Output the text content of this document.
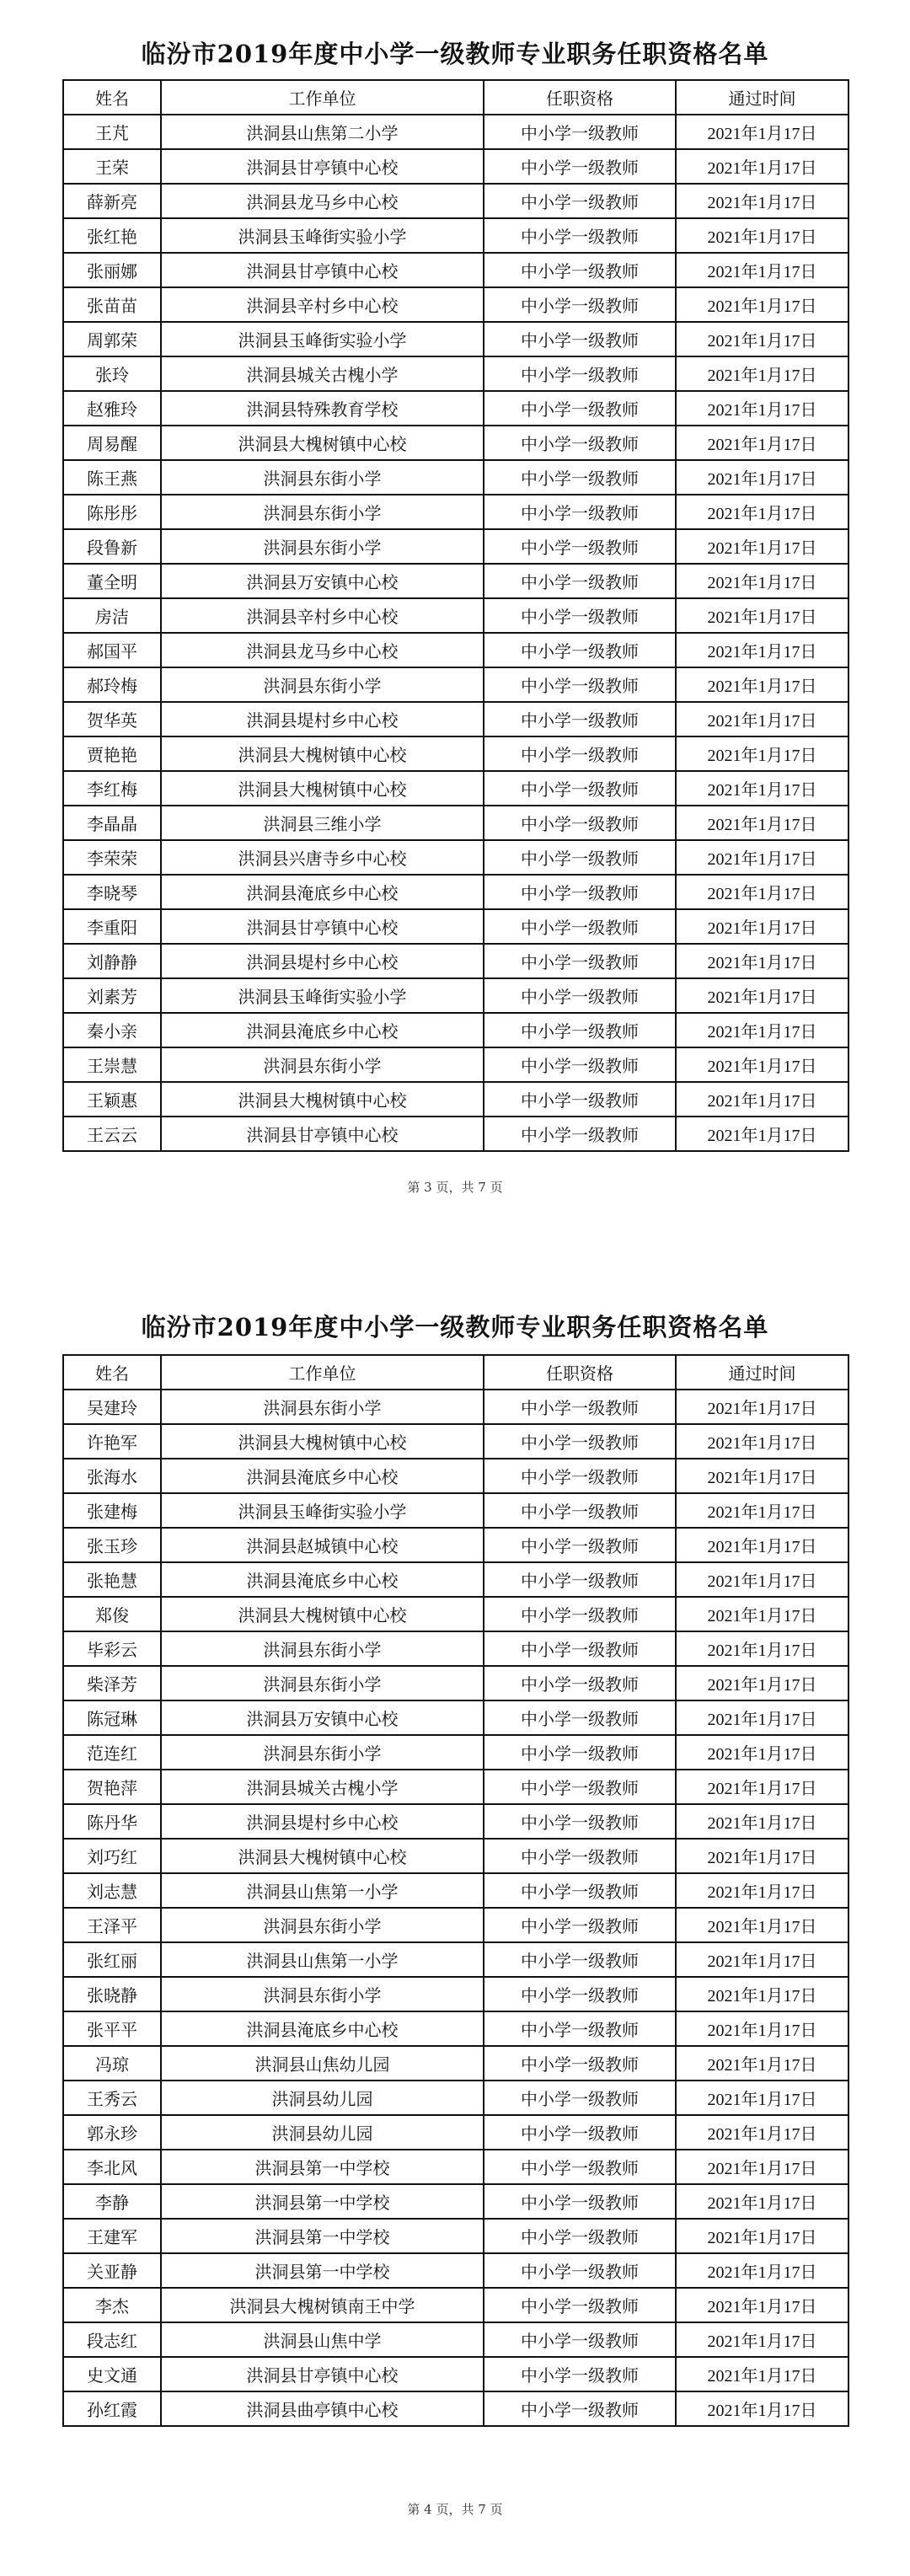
临汾市2019年度中小学一级教师专业职务任职资格名单
姓名	工作单位	任职资格	通过时间
王芃	洪洞县山焦第二小学	中小学一级教师	2021年1月17日
王荣	洪洞县甘亭镇中心校	中小学一级教师	2021年1月17日
薛新亮	洪洞县龙马乡中心校	中小学一级教师	2021年1月17日
张红艳	洪洞县玉峰街实验小学	中小学一级教师	2021年1月17日
张丽娜	洪洞县甘亭镇中心校	中小学一级教师	2021年1月17日
张苗苗	洪洞县辛村乡中心校	中小学一级教师	2021年1月17日
周郭荣	洪洞县玉峰街实验小学	中小学一级教师	2021年1月17日
张玲	洪洞县城关古槐小学	中小学一级教师	2021年1月17日
赵雅玲	洪洞县特殊教育学校	中小学一级教师	2021年1月17日
周易醒	洪洞县大槐树镇中心校	中小学一级教师	2021年1月17日
陈王燕	洪洞县东街小学	中小学一级教师	2021年1月17日
陈彤彤	洪洞县东街小学	中小学一级教师	2021年1月17日
段鲁新	洪洞县东街小学	中小学一级教师	2021年1月17日
董全明	洪洞县万安镇中心校	中小学一级教师	2021年1月17日
房洁	洪洞县辛村乡中心校	中小学一级教师	2021年1月17日
郝国平	洪洞县龙马乡中心校	中小学一级教师	2021年1月17日
郝玲梅	洪洞县东街小学	中小学一级教师	2021年1月17日
贺华英	洪洞县堤村乡中心校	中小学一级教师	2021年1月17日
贾艳艳	洪洞县大槐树镇中心校	中小学一级教师	2021年1月17日
李红梅	洪洞县大槐树镇中心校	中小学一级教师	2021年1月17日
李晶晶	洪洞县三维小学	中小学一级教师	2021年1月17日
李荣荣	洪洞县兴唐寺乡中心校	中小学一级教师	2021年1月17日
李晓琴	洪洞县淹底乡中心校	中小学一级教师	2021年1月17日
李重阳	洪洞县甘亭镇中心校	中小学一级教师	2021年1月17日
刘静静	洪洞县堤村乡中心校	中小学一级教师	2021年1月17日
刘素芳	洪洞县玉峰街实验小学	中小学一级教师	2021年1月17日
秦小亲	洪洞县淹底乡中心校	中小学一级教师	2021年1月17日
王崇慧	洪洞县东街小学	中小学一级教师	2021年1月17日
王颖惠	洪洞县大槐树镇中心校	中小学一级教师	2021年1月17日
王云云	洪洞县甘亭镇中心校	中小学一级教师	2021年1月17日
第 3 页，共 7 页
临汾市2019年度中小学一级教师专业职务任职资格名单
姓名	工作单位	任职资格	通过时间
吴建玲	洪洞县东街小学	中小学一级教师	2021年1月17日
许艳军	洪洞县大槐树镇中心校	中小学一级教师	2021年1月17日
张海水	洪洞县淹底乡中心校	中小学一级教师	2021年1月17日
张建梅	洪洞县玉峰街实验小学	中小学一级教师	2021年1月17日
张玉珍	洪洞县赵城镇中心校	中小学一级教师	2021年1月17日
张艳慧	洪洞县淹底乡中心校	中小学一级教师	2021年1月17日
郑俊	洪洞县大槐树镇中心校	中小学一级教师	2021年1月17日
毕彩云	洪洞县东街小学	中小学一级教师	2021年1月17日
柴泽芳	洪洞县东街小学	中小学一级教师	2021年1月17日
陈冠琳	洪洞县万安镇中心校	中小学一级教师	2021年1月17日
范连红	洪洞县东街小学	中小学一级教师	2021年1月17日
贺艳萍	洪洞县城关古槐小学	中小学一级教师	2021年1月17日
陈丹华	洪洞县堤村乡中心校	中小学一级教师	2021年1月17日
刘巧红	洪洞县大槐树镇中心校	中小学一级教师	2021年1月17日
刘志慧	洪洞县山焦第一小学	中小学一级教师	2021年1月17日
王泽平	洪洞县东街小学	中小学一级教师	2021年1月17日
张红丽	洪洞县山焦第一小学	中小学一级教师	2021年1月17日
张晓静	洪洞县东街小学	中小学一级教师	2021年1月17日
张平平	洪洞县淹底乡中心校	中小学一级教师	2021年1月17日
冯琼	洪洞县山焦幼儿园	中小学一级教师	2021年1月17日
王秀云	洪洞县幼儿园	中小学一级教师	2021年1月17日
郭永珍	洪洞县幼儿园	中小学一级教师	2021年1月17日
李北风	洪洞县第一中学校	中小学一级教师	2021年1月17日
李静	洪洞县第一中学校	中小学一级教师	2021年1月17日
王建军	洪洞县第一中学校	中小学一级教师	2021年1月17日
关亚静	洪洞县第一中学校	中小学一级教师	2021年1月17日
李杰	洪洞县大槐树镇南王中学	中小学一级教师	2021年1月17日
段志红	洪洞县山焦中学	中小学一级教师	2021年1月17日
史文通	洪洞县甘亭镇中心校	中小学一级教师	2021年1月17日
孙红霞	洪洞县曲亭镇中心校	中小学一级教师	2021年1月17日
第 4 页，共 7 页
